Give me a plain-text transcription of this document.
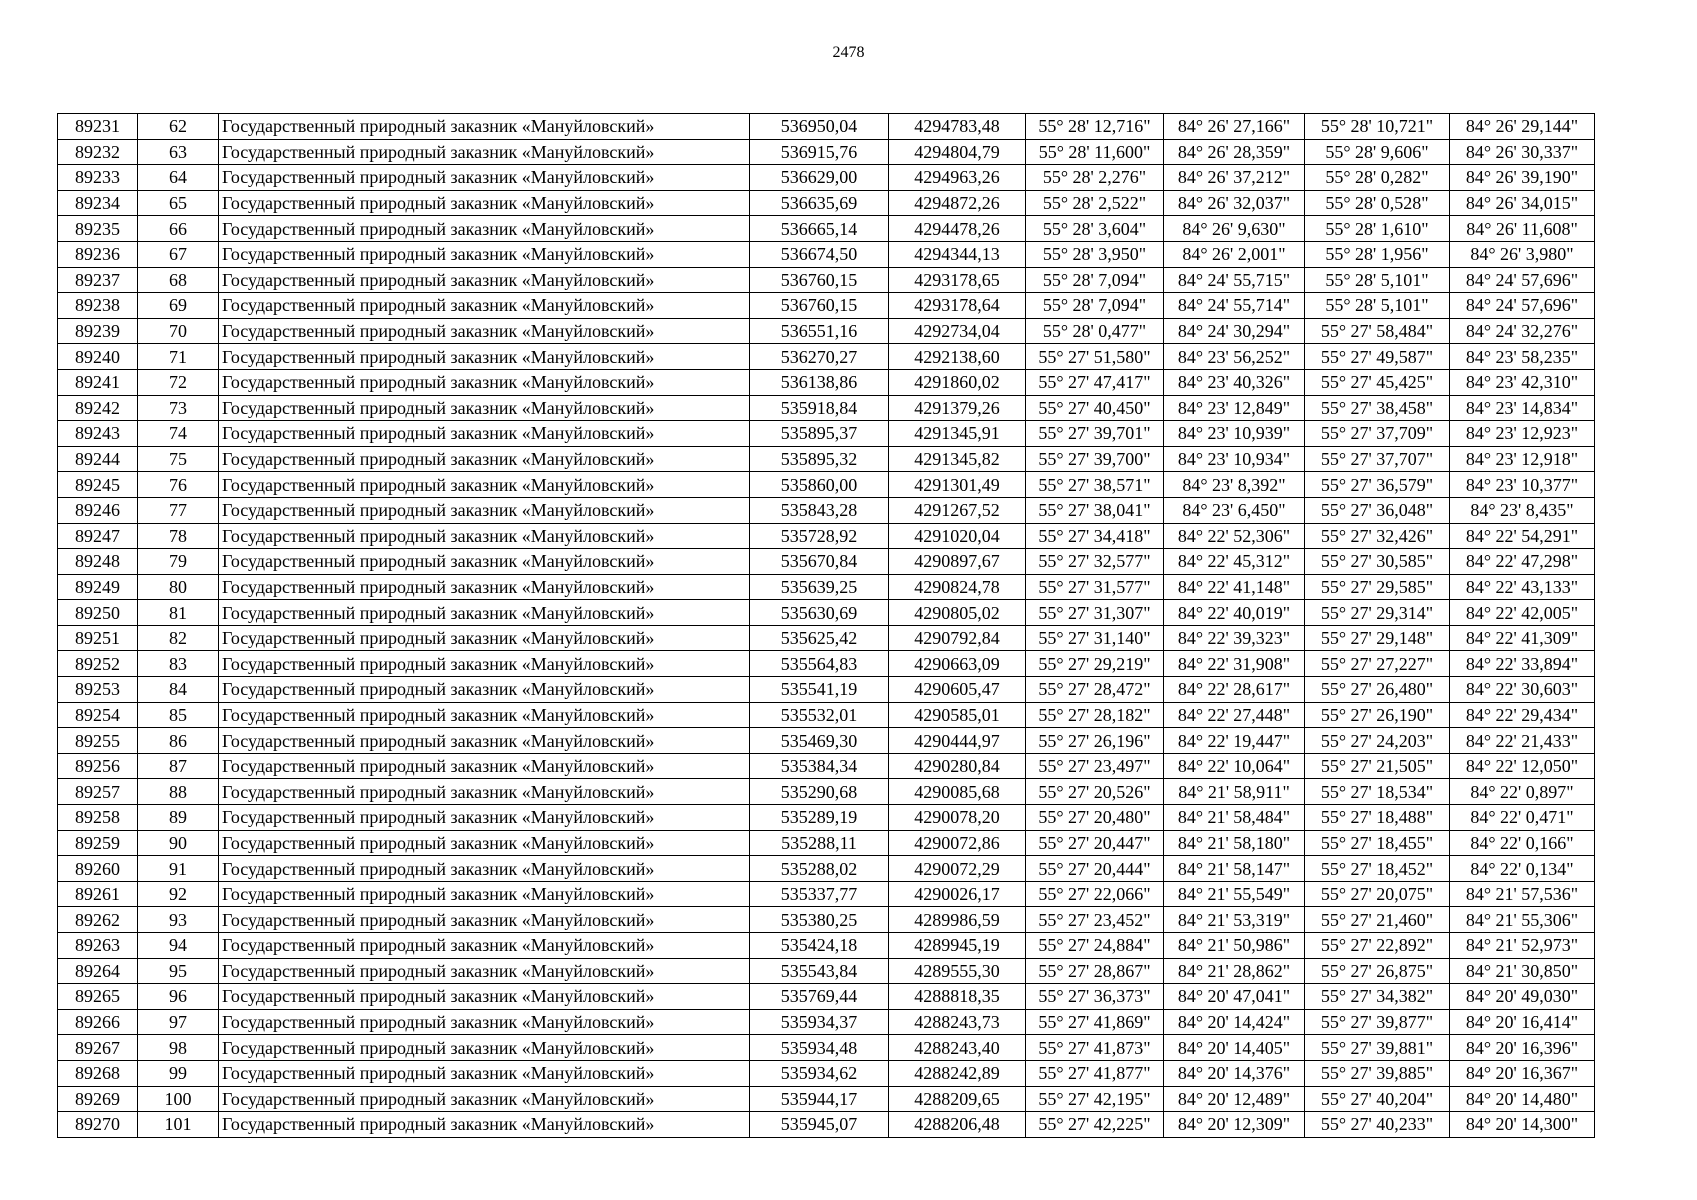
2478
89231	62	Государственный природный заказник «Мануйловский»	536950,04	4294783,48	55° 28' 12,716"	84° 26' 27,166"	55° 28' 10,721"	84° 26' 29,144"
89232	63	Государственный природный заказник «Мануйловский»	536915,76	4294804,79	55° 28' 11,600"	84° 26' 28,359"	55° 28' 9,606"	84° 26' 30,337"
89233	64	Государственный природный заказник «Мануйловский»	536629,00	4294963,26	55° 28' 2,276"	84° 26' 37,212"	55° 28' 0,282"	84° 26' 39,190"
89234	65	Государственный природный заказник «Мануйловский»	536635,69	4294872,26	55° 28' 2,522"	84° 26' 32,037"	55° 28' 0,528"	84° 26' 34,015"
89235	66	Государственный природный заказник «Мануйловский»	536665,14	4294478,26	55° 28' 3,604"	84° 26' 9,630"	55° 28' 1,610"	84° 26' 11,608"
89236	67	Государственный природный заказник «Мануйловский»	536674,50	4294344,13	55° 28' 3,950"	84° 26' 2,001"	55° 28' 1,956"	84° 26' 3,980"
89237	68	Государственный природный заказник «Мануйловский»	536760,15	4293178,65	55° 28' 7,094"	84° 24' 55,715"	55° 28' 5,101"	84° 24' 57,696"
89238	69	Государственный природный заказник «Мануйловский»	536760,15	4293178,64	55° 28' 7,094"	84° 24' 55,714"	55° 28' 5,101"	84° 24' 57,696"
89239	70	Государственный природный заказник «Мануйловский»	536551,16	4292734,04	55° 28' 0,477"	84° 24' 30,294"	55° 27' 58,484"	84° 24' 32,276"
89240	71	Государственный природный заказник «Мануйловский»	536270,27	4292138,60	55° 27' 51,580"	84° 23' 56,252"	55° 27' 49,587"	84° 23' 58,235"
89241	72	Государственный природный заказник «Мануйловский»	536138,86	4291860,02	55° 27' 47,417"	84° 23' 40,326"	55° 27' 45,425"	84° 23' 42,310"
89242	73	Государственный природный заказник «Мануйловский»	535918,84	4291379,26	55° 27' 40,450"	84° 23' 12,849"	55° 27' 38,458"	84° 23' 14,834"
89243	74	Государственный природный заказник «Мануйловский»	535895,37	4291345,91	55° 27' 39,701"	84° 23' 10,939"	55° 27' 37,709"	84° 23' 12,923"
89244	75	Государственный природный заказник «Мануйловский»	535895,32	4291345,82	55° 27' 39,700"	84° 23' 10,934"	55° 27' 37,707"	84° 23' 12,918"
89245	76	Государственный природный заказник «Мануйловский»	535860,00	4291301,49	55° 27' 38,571"	84° 23' 8,392"	55° 27' 36,579"	84° 23' 10,377"
89246	77	Государственный природный заказник «Мануйловский»	535843,28	4291267,52	55° 27' 38,041"	84° 23' 6,450"	55° 27' 36,048"	84° 23' 8,435"
89247	78	Государственный природный заказник «Мануйловский»	535728,92	4291020,04	55° 27' 34,418"	84° 22' 52,306"	55° 27' 32,426"	84° 22' 54,291"
89248	79	Государственный природный заказник «Мануйловский»	535670,84	4290897,67	55° 27' 32,577"	84° 22' 45,312"	55° 27' 30,585"	84° 22' 47,298"
89249	80	Государственный природный заказник «Мануйловский»	535639,25	4290824,78	55° 27' 31,577"	84° 22' 41,148"	55° 27' 29,585"	84° 22' 43,133"
89250	81	Государственный природный заказник «Мануйловский»	535630,69	4290805,02	55° 27' 31,307"	84° 22' 40,019"	55° 27' 29,314"	84° 22' 42,005"
89251	82	Государственный природный заказник «Мануйловский»	535625,42	4290792,84	55° 27' 31,140"	84° 22' 39,323"	55° 27' 29,148"	84° 22' 41,309"
89252	83	Государственный природный заказник «Мануйловский»	535564,83	4290663,09	55° 27' 29,219"	84° 22' 31,908"	55° 27' 27,227"	84° 22' 33,894"
89253	84	Государственный природный заказник «Мануйловский»	535541,19	4290605,47	55° 27' 28,472"	84° 22' 28,617"	55° 27' 26,480"	84° 22' 30,603"
89254	85	Государственный природный заказник «Мануйловский»	535532,01	4290585,01	55° 27' 28,182"	84° 22' 27,448"	55° 27' 26,190"	84° 22' 29,434"
89255	86	Государственный природный заказник «Мануйловский»	535469,30	4290444,97	55° 27' 26,196"	84° 22' 19,447"	55° 27' 24,203"	84° 22' 21,433"
89256	87	Государственный природный заказник «Мануйловский»	535384,34	4290280,84	55° 27' 23,497"	84° 22' 10,064"	55° 27' 21,505"	84° 22' 12,050"
89257	88	Государственный природный заказник «Мануйловский»	535290,68	4290085,68	55° 27' 20,526"	84° 21' 58,911"	55° 27' 18,534"	84° 22' 0,897"
89258	89	Государственный природный заказник «Мануйловский»	535289,19	4290078,20	55° 27' 20,480"	84° 21' 58,484"	55° 27' 18,488"	84° 22' 0,471"
89259	90	Государственный природный заказник «Мануйловский»	535288,11	4290072,86	55° 27' 20,447"	84° 21' 58,180"	55° 27' 18,455"	84° 22' 0,166"
89260	91	Государственный природный заказник «Мануйловский»	535288,02	4290072,29	55° 27' 20,444"	84° 21' 58,147"	55° 27' 18,452"	84° 22' 0,134"
89261	92	Государственный природный заказник «Мануйловский»	535337,77	4290026,17	55° 27' 22,066"	84° 21' 55,549"	55° 27' 20,075"	84° 21' 57,536"
89262	93	Государственный природный заказник «Мануйловский»	535380,25	4289986,59	55° 27' 23,452"	84° 21' 53,319"	55° 27' 21,460"	84° 21' 55,306"
89263	94	Государственный природный заказник «Мануйловский»	535424,18	4289945,19	55° 27' 24,884"	84° 21' 50,986"	55° 27' 22,892"	84° 21' 52,973"
89264	95	Государственный природный заказник «Мануйловский»	535543,84	4289555,30	55° 27' 28,867"	84° 21' 28,862"	55° 27' 26,875"	84° 21' 30,850"
89265	96	Государственный природный заказник «Мануйловский»	535769,44	4288818,35	55° 27' 36,373"	84° 20' 47,041"	55° 27' 34,382"	84° 20' 49,030"
89266	97	Государственный природный заказник «Мануйловский»	535934,37	4288243,73	55° 27' 41,869"	84° 20' 14,424"	55° 27' 39,877"	84° 20' 16,414"
89267	98	Государственный природный заказник «Мануйловский»	535934,48	4288243,40	55° 27' 41,873"	84° 20' 14,405"	55° 27' 39,881"	84° 20' 16,396"
89268	99	Государственный природный заказник «Мануйловский»	535934,62	4288242,89	55° 27' 41,877"	84° 20' 14,376"	55° 27' 39,885"	84° 20' 16,367"
89269	100	Государственный природный заказник «Мануйловский»	535944,17	4288209,65	55° 27' 42,195"	84° 20' 12,489"	55° 27' 40,204"	84° 20' 14,480"
89270	101	Государственный природный заказник «Мануйловский»	535945,07	4288206,48	55° 27' 42,225"	84° 20' 12,309"	55° 27' 40,233"	84° 20' 14,300"
